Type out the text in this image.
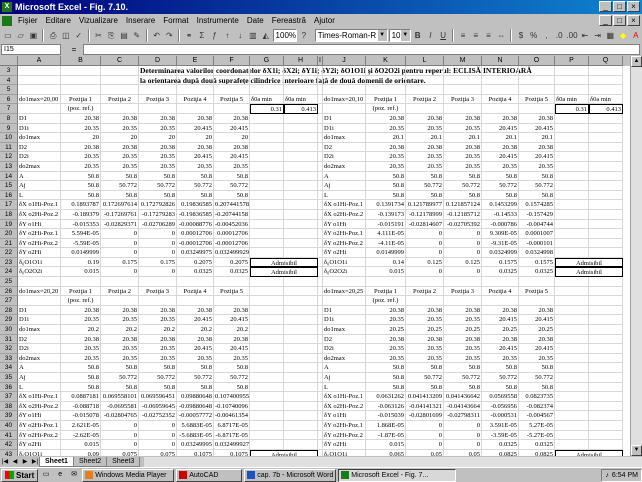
X Microsoft Excel - Fig. 7.10.	_	□	×
Fişier	Editare	Vizualizare	Inserare	Format	Instrumente	Date	Fereastră	Ajutor	_	□	×
▭ ▱ ▣	⎙ ◫ ✓	✂ ⎘ ▤ ✎	↶ ↷	⚭ Σ	ƒ	↑	↓ ▥ ◭ 100% ?	Times-Roman-R ▼ 10 ▼ B	I	U	≡	≡	≡ ⇔	$ %	,	.0 .00 ⇤ ⇥ ▦ ◆ A
I15	=
A	B	C	D	E	F	G	H	I	J	K	L	M	N	O	P	Q
3	Determinarea valorilor coordonatelor δX1i; δX2i; δY1i; δY2i; δO1O1i şi δO2O2i pentru reperul: ECLISĂ INTERIOARĂ
4	la orientarea după două suprafeţe cilindrice interioare faţă de două domenii de orientare.
5
6	do1max=20,00	Poziţia 1	Poziţia 2	Poziţia 3	Poziţia 4	Poziţia 5	δ0a min	δ0a min	do1max=20,10	Poziţia 1	Poziţia 2	Poziţia 3	Poziţia 4	Poziţia 5	δ0a min	δ0a min
7	(poz. ref.)	0.31	0.413	(poz. ref.)	0.31	0.413
8	D1	20.38	20.38	20.38	20.38	20.38	D1	20.38	20.38	20.38	20.38	20.38
9	D1i	20.35	20.35	20.35	20.415	20.415	D1i	20.35	20.35	20.35	20.415	20.415
10	do1max	20	20	20	20	20	do1max	20.1	20.1	20.1	20.1	20.1
11	D2	20.38	20.38	20.38	20.38	20.38	D2	20.38	20.38	20.38	20.38	20.38
12	D2i	20.35	20.35	20.35	20.415	20.415	D2i	20.35	20.35	20.35	20.415	20.415
13	do2max	20.35	20.35	20.35	20.35	20.35	do2max	20.35	20.35	20.35	20.35	20.35
14	A	50.8	50.8	50.8	50.8	50.8	A	50.8	50.8	50.8	50.8	50.8
15	Aj	50.8	50.772	50.772	50.772	50.772	Aj	50.8	50.772	50.772	50.772	50.772
16	L	50.8	50.8	50.8	50.8	50.8	L	50.8	50.8	50.8	50.8	50.8
17	δX o1Hi-Poz.1	0.1893787 0.172697614 0.172792826 0.19836585 0.207441578	δX o1Hi-Poz.1	0.1391734 0.121789977 0.121857124	0.1453299	0.1574285
18	δX o2Hi-Poz.2	-0.189379 -0.17269761 -0.17279283 -0.19836585 -0.20744158	δX o2Hi-Poz.2	-0.139173 -0.12178999 -0.12185712	-0.14533	-0.157429
19	δY o1Hi	-0.015353 -0.02829371 -0.02706289 -0.00088776 -0.00452036	δY o1Hi	-0.015191 -0.02814607 -0.02705392	-0.000786	-0.004744
20	δY o2Hi-Poz.1	5.594E-05	0	0 0.00012706 0.00012706	δY o2Hi-Poz.1	4.111E-05	0	0	9.309E-05	0.0001007
21	δY o2Hi-Poz.2	-5.59E-05	0	0 -0.00012706 -0.00012706	δY o2Hi-Poz.2	-4.11E-05	0	0	-9.31E-05	-0.000101
22	δY o2Hi	0.0149999	0	0 0.03249975 0.032499929	δY o2Hi	0.0149999	0	0	0.0324999	0.0324998
23	δ₀O1O1i	0.19	0.175	0.175	0.2075	0.2075	Admisibil	δ₀O1O1i	0.14	0.125	0.125	0.1575	0.1575	Admisibil
24	δ₀O2O2i	0.015	0	0	0.0325	0.0325	Admisibil	δ₀O2O2i	0.015	0	0	0.0325	0.0325	Admisibil
25
26	do1max=20,20	Poziţia 1	Poziţia 2	Poziţia 3	Poziţia 4	Poziţia 5	do1max=20,25	Poziţia 1	Poziţia 2	Poziţia 3	Poziţia 4	Poziţia 5
27	(poz. ref.)	(poz. ref.)
28	D1	20.38	20.38	20.38	20.38	20.38	D1	20.38	20.38	20.38	20.38	20.38
29	D1i	20.35	20.35	20.35	20.415	20.415	D1i	20.35	20.35	20.35	20.415	20.415
30	do1max	20.2	20.2	20.2	20.2	20.2	do1max	20.25	20.25	20.25	20.25	20.25
31	D2	20.38	20.38	20.38	20.38	20.38	D2	20.38	20.38	20.38	20.38	20.38
32	D2i	20.35	20.35	20.35	20.415	20.415	D2i	20.35	20.35	20.35	20.415	20.415
33	do2max	20.35	20.35	20.35	20.35	20.35	do2max	20.35	20.35	20.35	20.35	20.35
34	A	50.8	50.8	50.8	50.8	50.8	A	50.8	50.8	50.8	50.8	50.8
35	Aj	50.8	50.772	50.772	50.772	50.772	Aj	50.8	50.772	50.772	50.772	50.772
36	L	50.8	50.8	50.8	50.8	50.8	L	50.8	50.8	50.8	50.8	50.8
37	δX o1Hi-Poz.1	0.0887181 0.069558101 0.069596451 0.09880648 0.107400955	δX o1Hi-Poz.1	0.0631262 0.041413209 0.041436642	0.0569558	0.0823735
38	δX o2Hi-Poz.2	-0.088718	-0.0695581 -0.06959645 -0.09880648 -0.10740096	δX o2Hi-Poz.2	-0.063126 -0.04141321 -0.04143664	-0.056956	-0.082374
39	δY o1Hi	-0.015078 -0.02804765 -0.02752352 -0.00057772 -0.00461354	δY o1Hi	-0.015039 -0.02801699 -0.02798311	-0.000531	-0.004567
40	δY o2Hi-Poz.1	2.621E-05	0	0 5.6883E-05 6.8717E-05	δY o2Hi-Poz.1	1.868E-05	0	0	3.591E-05	5.27E-05
41	δY o2Hi-Poz.2	-2.62E-05	0	0 -5.6883E-05 -6.8717E-05	δY o2Hi-Poz.2	-1.87E-05	0	0	-3.59E-05	-5.27E-05
42	δY o2Hi	0.015	0	0 0.03249995 0.032499927	δY o2Hi	0.015	0	0	0.0325	0.0325
43	δ₀O1O1i	0.09	0.075	0.075	0.1075	0.1075	Admisibil	δ₀O1O1i	0.065	0.05	0.05	0.0825	0.0825	Admisibil
▲
▼
|◀ ◀ ▶ ▶| Sheet1	Sheet2	Sheet3
Start	▭	e	✉	Windows Media Player	AutoCAD	cap. 7b - Microsoft Word	Microsoft Excel - Fig. 7...	♪ 6:54 PM
